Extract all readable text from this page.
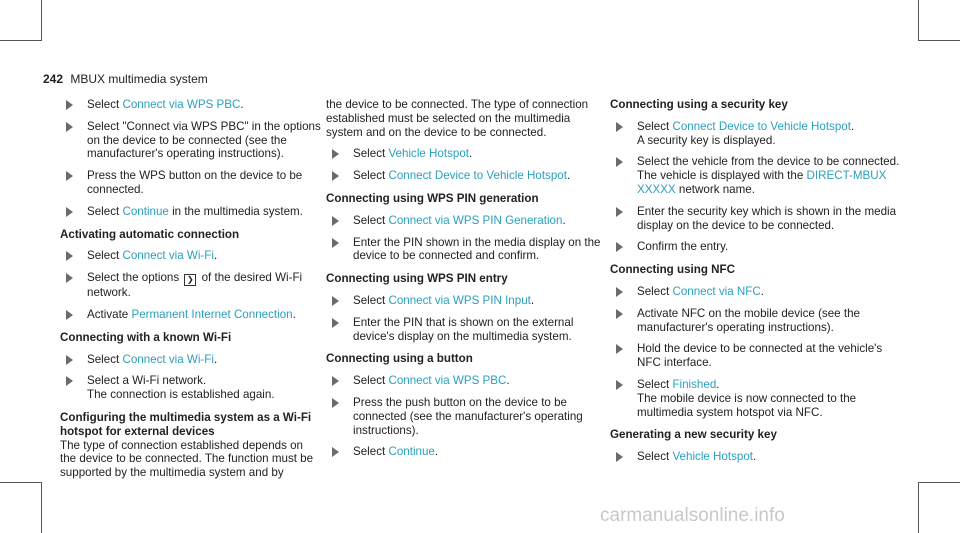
242 MBUX multimedia system
Select Connect via WPS PBC.
Select "Connect via WPS PBC" in the options on the device to be connected (see the manufacturer's operating instructions).
Press the WPS button on the device to be connected.
Select Continue in the multimedia system.
Activating automatic connection
Select Connect via Wi-Fi.
Select the options ❯ of the desired Wi-Fi network.
Activate Permanent Internet Connection.
Connecting with a known Wi-Fi
Select Connect via Wi-Fi.
Select a Wi-Fi network.
The connection is established again.
Configuring the multimedia system as a Wi-Fi hotspot for external devices
The type of connection established depends on the device to be connected. The function must be supported by the multimedia system and by
the device to be connected. The type of connection established must be selected on the multimedia system and on the device to be connected.
Select Vehicle Hotspot.
Select Connect Device to Vehicle Hotspot.
Connecting using WPS PIN generation
Select Connect via WPS PIN Generation.
Enter the PIN shown in the media display on the device to be connected and confirm.
Connecting using WPS PIN entry
Select Connect via WPS PIN Input.
Enter the PIN that is shown on the external device's display on the multimedia system.
Connecting using a button
Select Connect via WPS PBC.
Press the push button on the device to be connected (see the manufacturer's operating instructions).
Select Continue.
Connecting using a security key
Select Connect Device to Vehicle Hotspot.
A security key is displayed.
Select the vehicle from the device to be connected. The vehicle is displayed with the DIRECT-MBUX XXXXX network name.
Enter the security key which is shown in the media display on the device to be connected.
Confirm the entry.
Connecting using NFC
Select Connect via NFC.
Activate NFC on the mobile device (see the manufacturer's operating instructions).
Hold the device to be connected at the vehicle's NFC interface.
Select Finished.
The mobile device is now connected to the multimedia system hotspot via NFC.
Generating a new security key
Select Vehicle Hotspot.
carmanualsonline.info
